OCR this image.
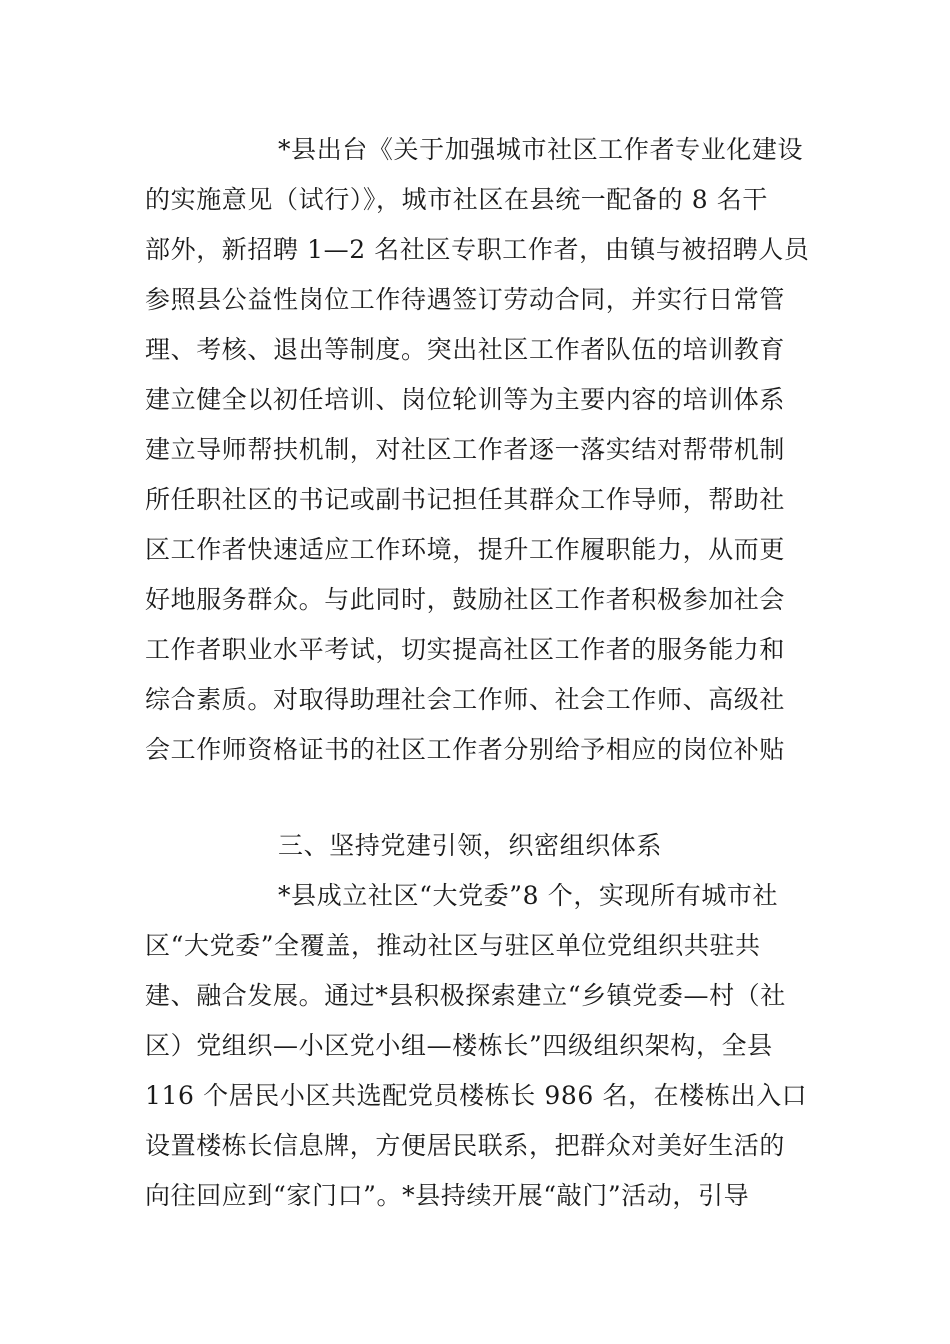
*县出台《关于加强城市社区工作者专业化建设
的实施意见（试行）》，城市社区在县统一配备的 8 名干
部外，新招聘 1—2 名社区专职工作者，由镇与被招聘人员
参照县公益性岗位工作待遇签订劳动合同，并实行日常管
理、考核、退出等制度。突出社区工作者队伍的培训教育
建立健全以初任培训、岗位轮训等为主要内容的培训体系
建立导师帮扶机制，对社区工作者逐一落实结对帮带机制
所任职社区的书记或副书记担任其群众工作导师，帮助社
区工作者快速适应工作环境，提升工作履职能力，从而更
好地服务群众。与此同时，鼓励社区工作者积极参加社会
工作者职业水平考试，切实提高社区工作者的服务能力和
综合素质。对取得助理社会工作师、社会工作师、高级社
会工作师资格证书的社区工作者分别给予相应的岗位补贴
三、坚持党建引领，织密组织体系
*县成立社区“大党委”8 个，实现所有城市社
区“大党委”全覆盖，推动社区与驻区单位党组织共驻共
建、融合发展。通过*县积极探索建立“乡镇党委—村（社
区）党组织—小区党小组—楼栋长”四级组织架构，全县
116 个居民小区共选配党员楼栋长 986 名，在楼栋出入口
设置楼栋长信息牌，方便居民联系，把群众对美好生活的
向往回应到“家门口”。*县持续开展“敲门”活动，引导
